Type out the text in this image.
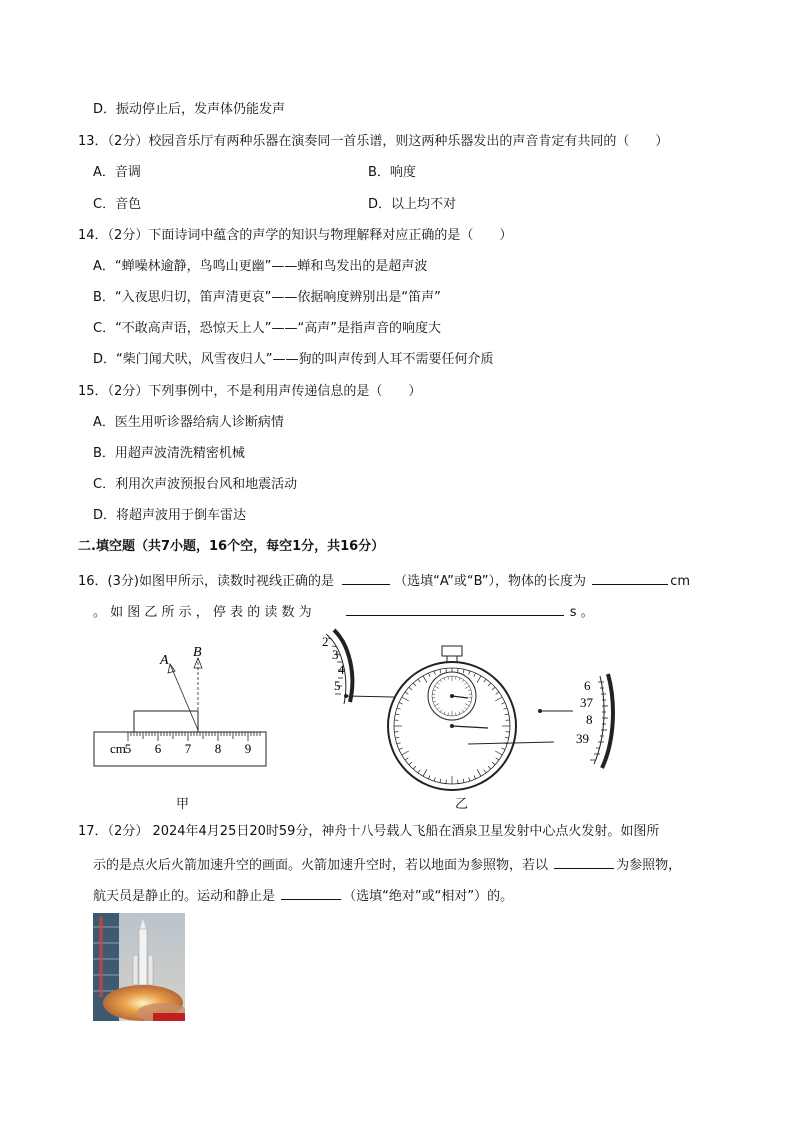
D．振动停止后，发声体仍能发声
13．（2分）校园音乐厅有两种乐器在演奏同一首乐谱，则这两种乐器发出的声音肯定有共同的（　　）
A．音调	B．响度
C．音色	D．以上均不对
14．（2分）下面诗词中蕴含的声学的知识与物理解释对应正确的是（　　）
A．“蝉噪林逾静，鸟鸣山更幽”——蝉和鸟发出的是超声波
B．“入夜思归切，笛声清更哀”——依据响度辨别出是“笛声”
C．“不敢高声语，恐惊天上人”——“高声”是指声音的响度大
D．“柴门闻犬吠，风雪夜归人”——狗的叫声传到人耳不需要任何介质
15．（2分）下列事例中，不是利用声传递信息的是（　　）
A．医生用听诊器给病人诊断病情
B．用超声波清洗精密机械
C．利用次声波预报台风和地震活动
D．将超声波用于倒车雷达
二.填空题（共7小题，16个空，每空1分，共16分）
16．(3分)如图甲所示，读数时视线正确的是	（选填“A”或“B”），物体的长度为	cm
。 如 图 乙 所 示 ， 停 表 的 读 数 为	s 。
cm
5 6 7 8 9
A
B
甲
2
3
4
5	6
37
8
39
乙
17．（2分） 2024年4月25日20时59分，神舟十八号载人飞船在酒泉卫星发射中心点火发射。如图所
示的是点火后火箭加速升空的画面。火箭加速升空时，若以地面为参照物，若以	为参照物，
航天员是静止的。运动和静止是	（选填“绝对”或“相对”）的。
